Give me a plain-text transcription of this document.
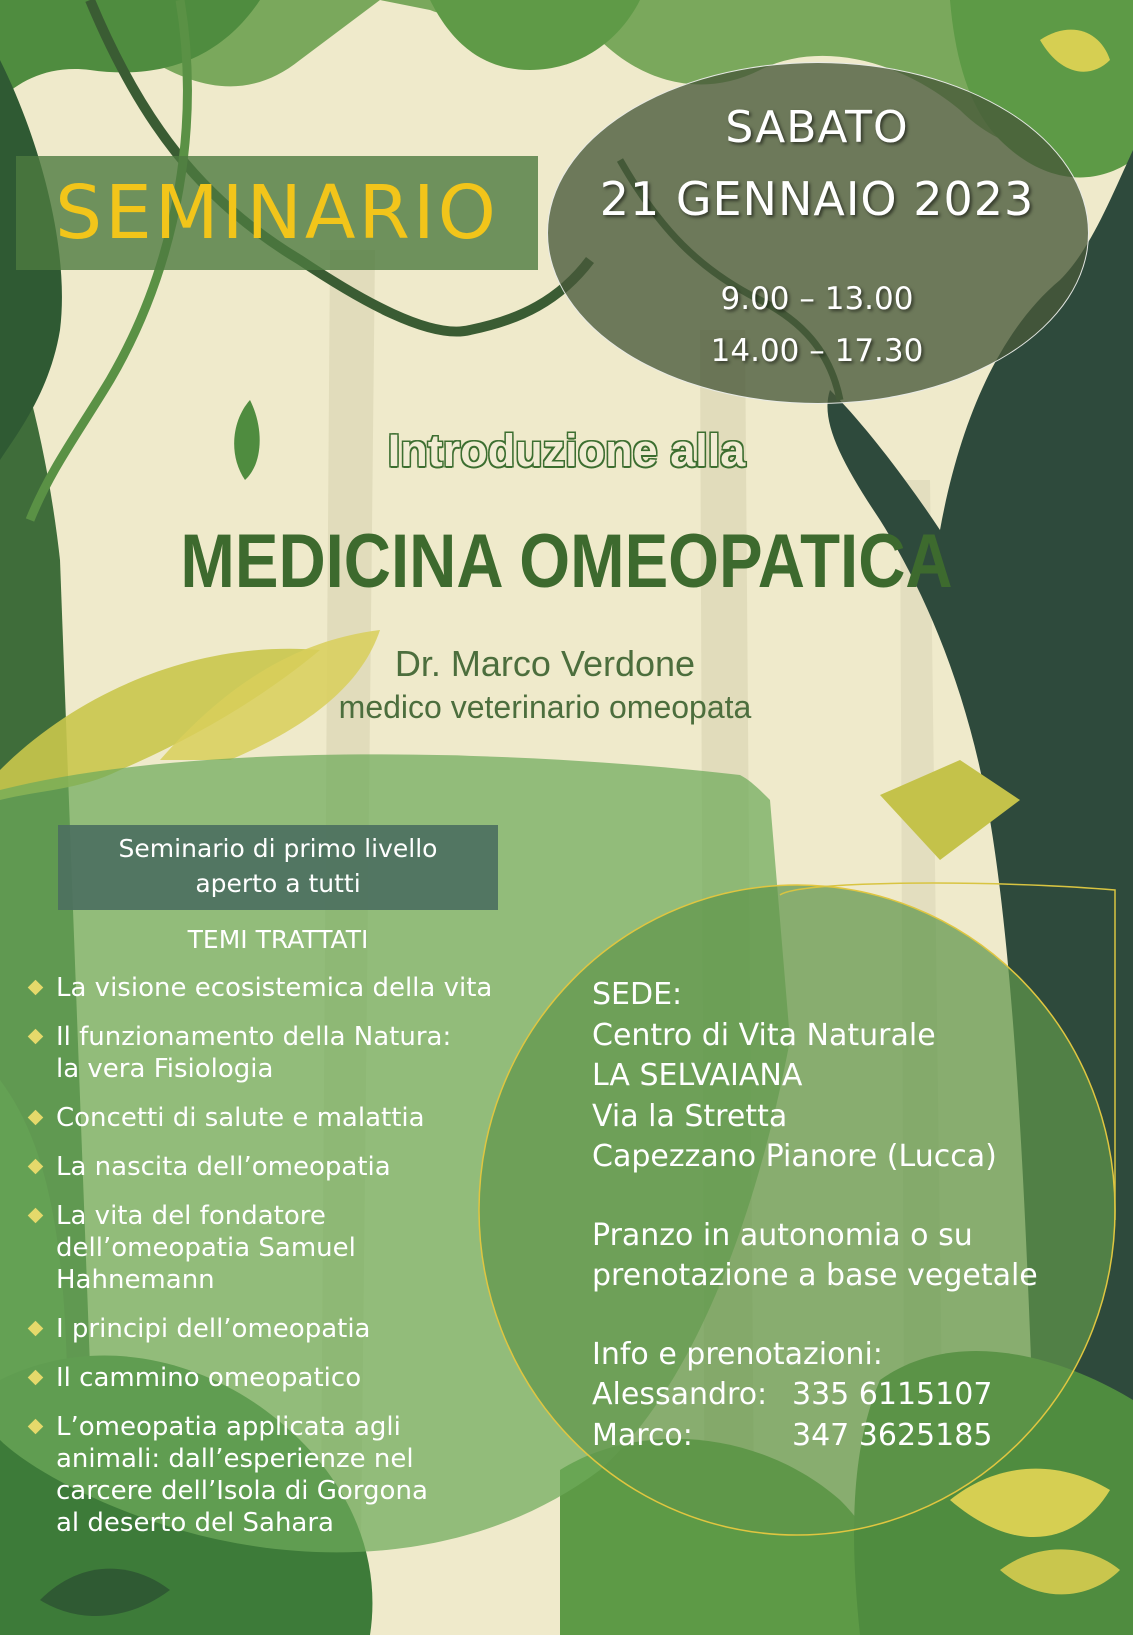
SEMINARIO
SABATO
21 GENNAIO 2023
9.00 – 13.00
14.00 – 17.30
Introduzione alla
MEDICINA OMEOPATICA
Dr. Marco Verdone
medico veterinario omeopata
Seminario di primo livello
aperto a tutti
TEMI TRATTATI
La visione ecosistemica della vita
Il funzionamento della Natura:
la vera Fisiologia
Concetti di salute e malattia
La nascita dell’omeopatia
La vita del fondatore
dell’omeopatia Samuel
Hahnemann
I principi dell’omeopatia
Il cammino omeopatico
L’omeopatia applicata agli
animali: dall’esperienze nel
carcere dell’Isola di Gorgona
al deserto del Sahara
SEDE:
Centro di Vita Naturale
LA SELVAIANA
Via la Stretta
Capezzano Pianore (Lucca)
Pranzo in autonomia o su
prenotazione a base vegetale
Info e prenotazioni:
Alessandro: 335 6115107
Marco:	347 3625185
